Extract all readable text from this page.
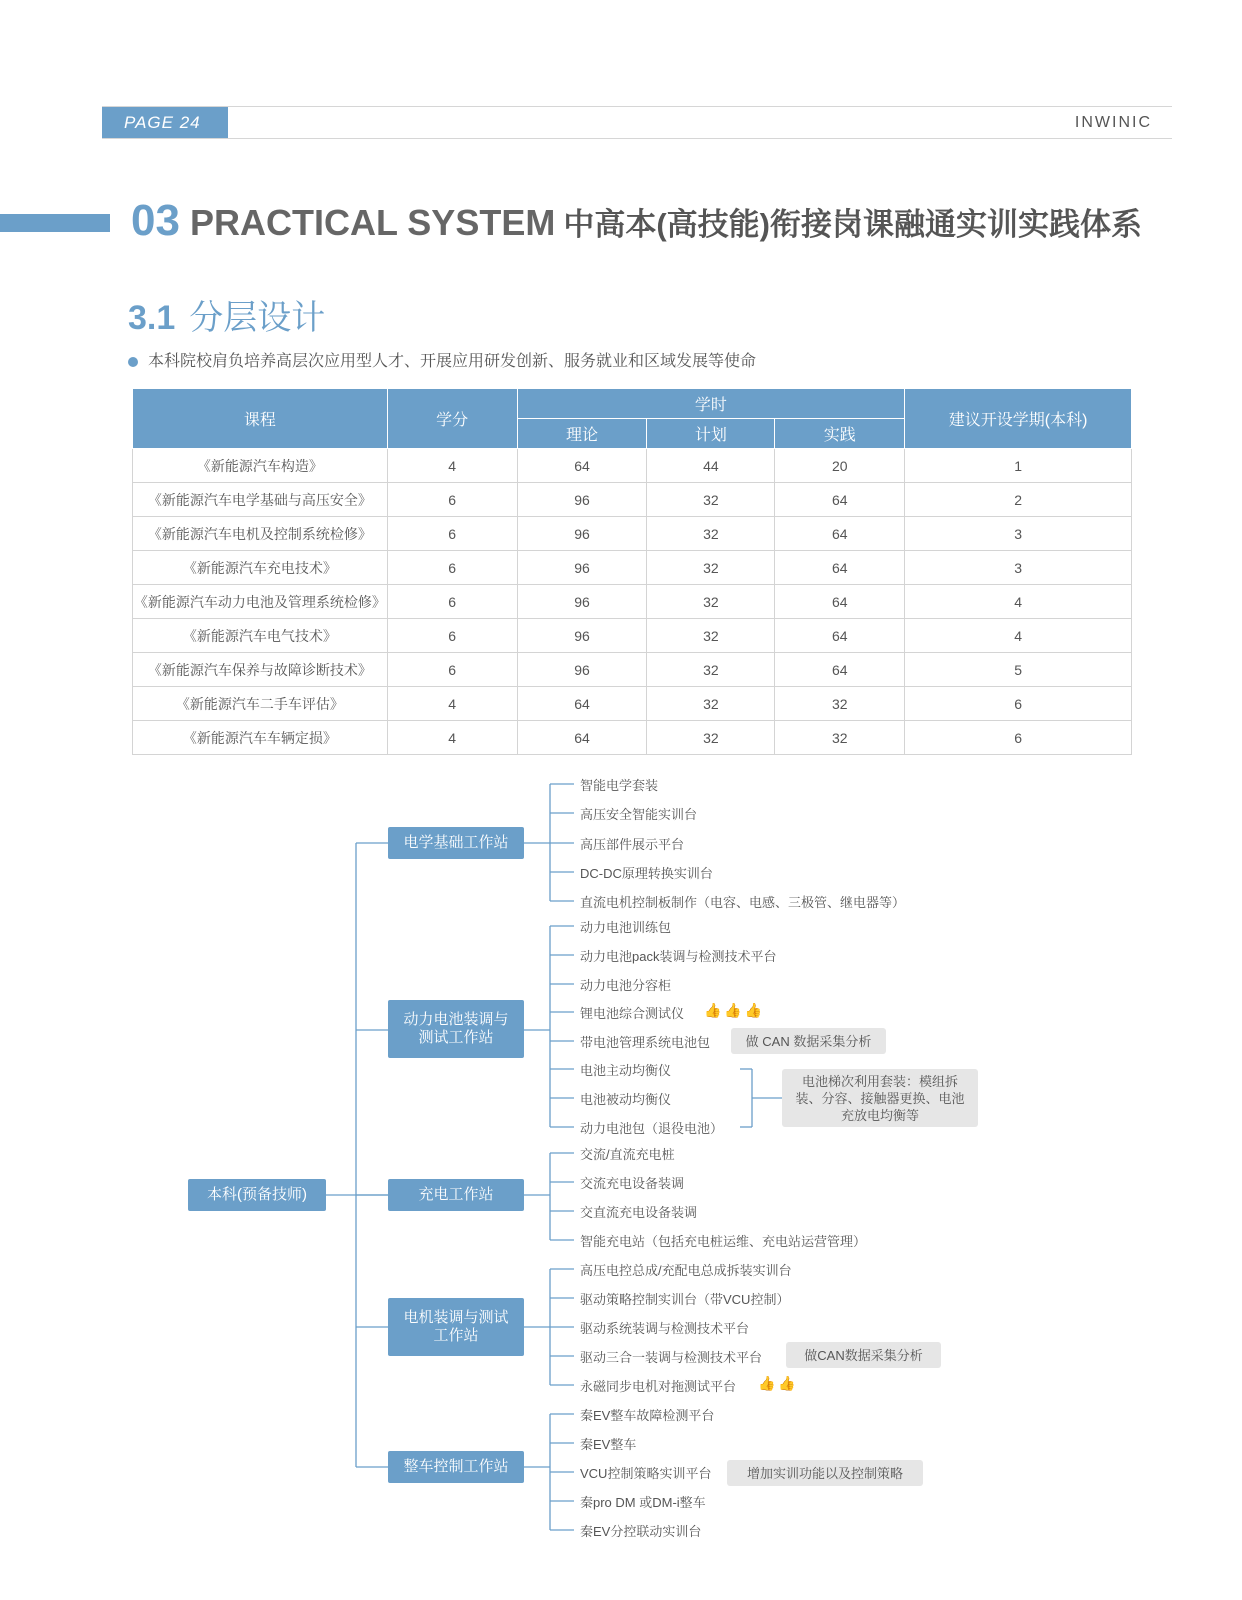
PAGE 24	INWINIC
03 PRACTICAL SYSTEM 中高本(高技能)衔接岗课融通实训实践体系
3.1 分层设计
本科院校肩负培养高层次应用型人才、开展应用研发创新、服务就业和区域发展等使命
课程	学分	学时			建议开设学期(本科)
		理论	计划	实践	
《新能源汽车构造》	4	64	44	20	1
《新能源汽车电学基础与高压安全》	6	96	32	64	2
《新能源汽车电机及控制系统检修》	6	96	32	64	3
《新能源汽车充电技术》	6	96	32	64	3
《新能源汽车动力电池及管理系统检修》	6	96	32	64	4
《新能源汽车电气技术》	6	96	32	64	4
《新能源汽车保养与故障诊断技术》	6	96	32	64	5
《新能源汽车二手车评估》	4	64	32	32	6
《新能源汽车车辆定损》	4	64	32	32	6
本科(预备技师)
电学基础工作站
智能电学套装
高压安全智能实训台
高压部件展示平台
DC-DC原理转换实训台
直流电机控制板制作（电容、电感、三极管、继电器等）
动力电池装调与测试工作站
动力电池训练包
动力电池pack装调与检测技术平台
动力电池分容柜
锂电池综合测试仪
带电池管理系统电池包
电池主动均衡仪
电池被动均衡仪
动力电池包（退役电池）
充电工作站
交流/直流充电桩
交流充电设备装调
交直流充电设备装调
智能充电站（包括充电桩运维、充电站运营管理）
电机装调与测试工作站
高压电控总成/充配电总成拆装实训台
驱动策略控制实训台（带VCU控制）
驱动系统装调与检测技术平台
驱动三合一装调与检测技术平台
永磁同步电机对拖测试平台
整车控制工作站
秦EV整车故障检测平台
秦EV整车
VCU控制策略实训平台
秦pro DM 或DM-i整车
秦EV分控联动实训台
👍👍👍
👍👍
做 CAN 数据采集分析
电池梯次利用套装：模组拆装、分容、接触器更换、电池充放电均衡等
做CAN数据采集分析
增加实训功能以及控制策略
